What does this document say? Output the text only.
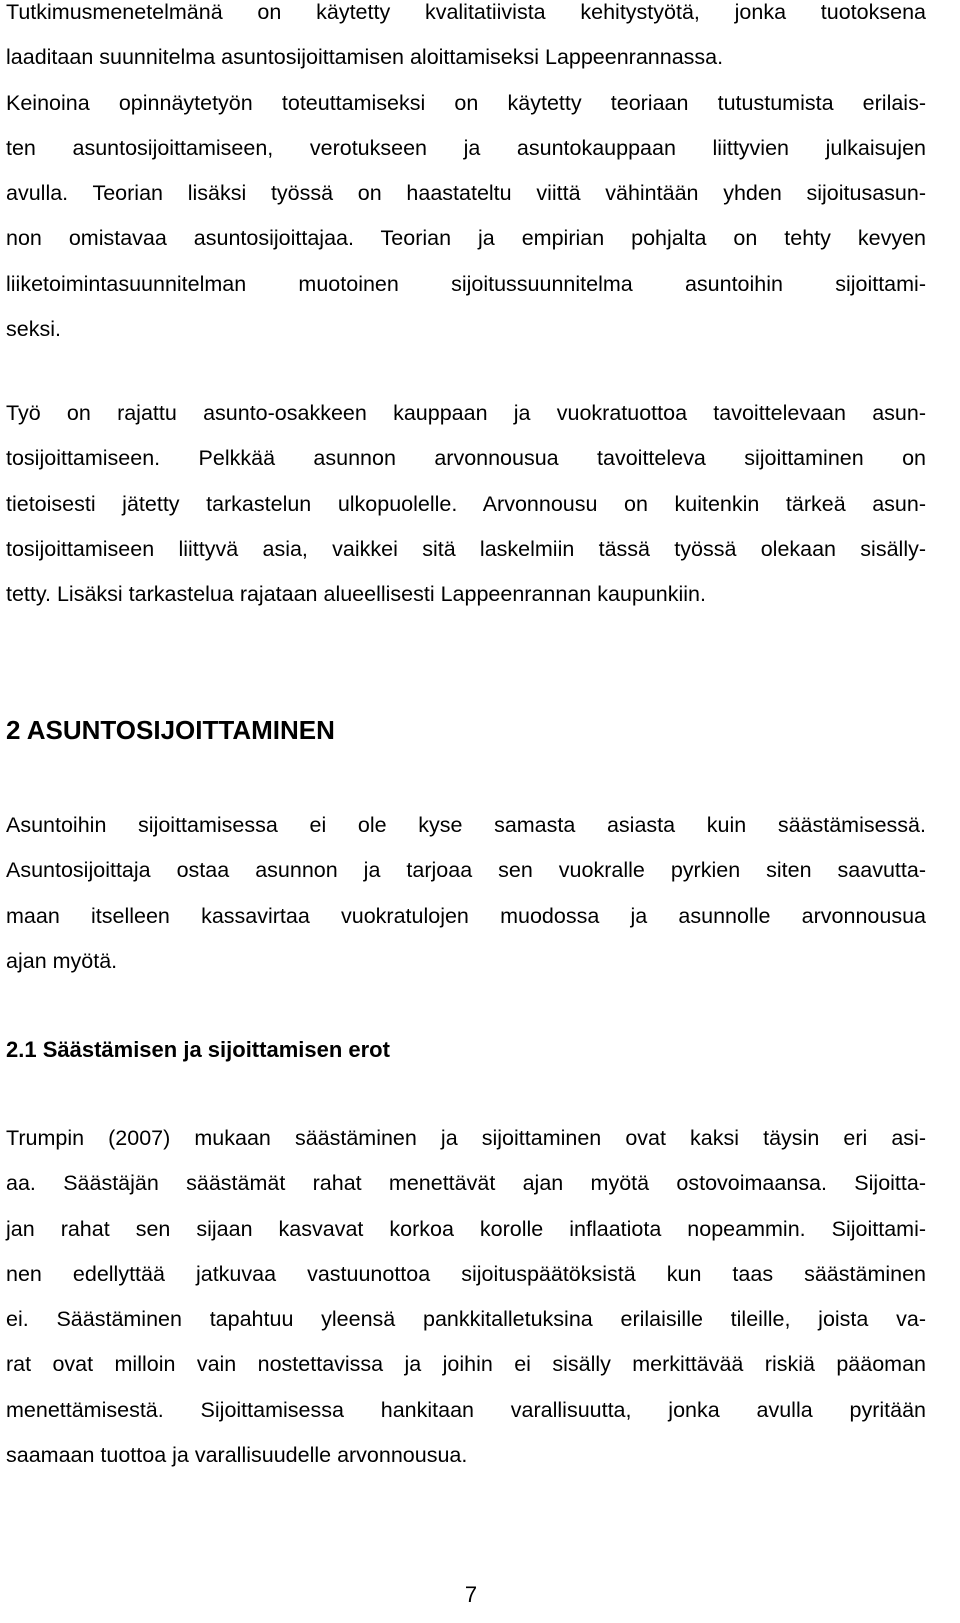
Tutkimusmenetelmänä on käytetty kvalitatiivista kehitystyötä, jonka tuotoksena
laaditaan suunnitelma asuntosijoittamisen aloittamiseksi Lappeenrannassa.
Keinoina opinnäytetyön toteuttamiseksi on käytetty teoriaan tutustumista erilais-
ten asuntosijoittamiseen, verotukseen ja asuntokauppaan liittyvien julkaisujen
avulla. Teorian lisäksi työssä on haastateltu viittä vähintään yhden sijoitusasun-
non omistavaa asuntosijoittajaa. Teorian ja empirian pohjalta on tehty kevyen
liiketoimintasuunnitelman muotoinen sijoitussuunnitelma asuntoihin sijoittami-
seksi.
Työ on rajattu asunto-osakkeen kauppaan ja vuokratuottoa tavoittelevaan asun-
tosijoittamiseen. Pelkkää asunnon arvonnousua tavoitteleva sijoittaminen on
tietoisesti jätetty tarkastelun ulkopuolelle. Arvonnousu on kuitenkin tärkeä asun-
tosijoittamiseen liittyvä asia, vaikkei sitä laskelmiin tässä työssä olekaan sisälly-
tetty. Lisäksi tarkastelua rajataan alueellisesti Lappeenrannan kaupunkiin.
2 ASUNTOSIJOITTAMINEN
Asuntoihin sijoittamisessa ei ole kyse samasta asiasta kuin säästämisessä.
Asuntosijoittaja ostaa asunnon ja tarjoaa sen vuokralle pyrkien siten saavutta-
maan itselleen kassavirtaa vuokratulojen muodossa ja asunnolle arvonnousua
ajan myötä.
2.1 Säästämisen ja sijoittamisen erot
Trumpin (2007) mukaan säästäminen ja sijoittaminen ovat kaksi täysin eri asi-
aa. Säästäjän säästämät rahat menettävät ajan myötä ostovoimaansa. Sijoitta-
jan rahat sen sijaan kasvavat korkoa korolle inflaatiota nopeammin. Sijoittami-
nen edellyttää jatkuvaa vastuunottoa sijoituspäätöksistä kun taas säästäminen
ei. Säästäminen tapahtuu yleensä pankkitalletuksina erilaisille tileille, joista va-
rat ovat milloin vain nostettavissa ja joihin ei sisälly merkittävää riskiä pääoman
menettämisestä. Sijoittamisessa hankitaan varallisuutta, jonka avulla pyritään
saamaan tuottoa ja varallisuudelle arvonnousua.
7
